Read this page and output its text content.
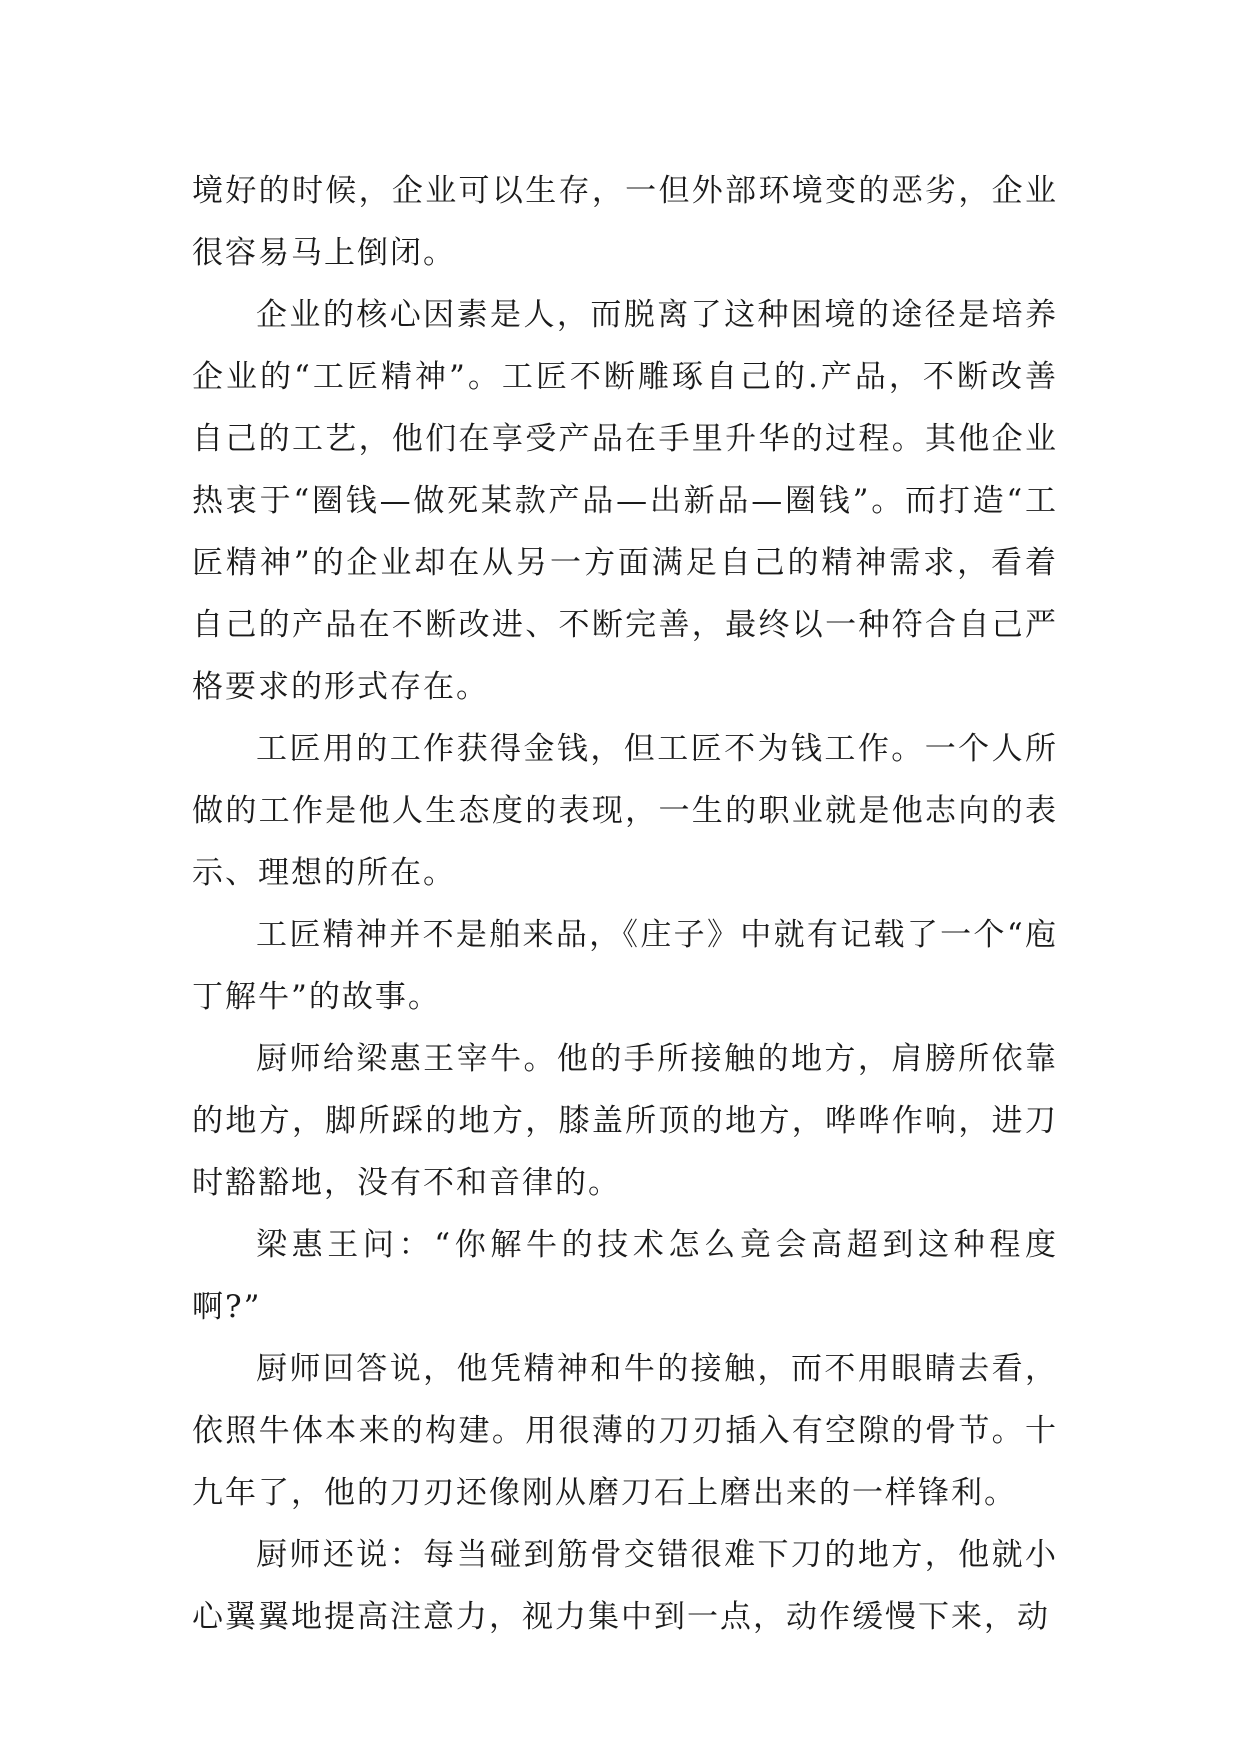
境好的时候，企业可以生存，一但外部环境变的恶劣，企业很容易马上倒闭。

企业的核心因素是人，而脱离了这种困境的途径是培养企业的“工匠精神”。工匠不断雕琢自己的.产品，不断改善自己的工艺，他们在享受产品在手里升华的过程。其他企业热衷于“圈钱—做死某款产品—出新品—圈钱”。而打造“工匠精神”的企业却在从另一方面满足自己的精神需求，看着自己的产品在不断改进、不断完善，最终以一种符合自己严格要求的形式存在。

工匠用的工作获得金钱，但工匠不为钱工作。一个人所做的工作是他人生态度的表现，一生的职业就是他志向的表示、理想的所在。

工匠精神并不是舶来品，《庄子》中就有记载了一个“庖丁解牛”的故事。

厨师给梁惠王宰牛。他的手所接触的地方，肩膀所依靠的地方，脚所踩的地方，膝盖所顶的地方，哗哗作响，进刀时豁豁地，没有不和音律的。

梁惠王问：“你解牛的技术怎么竟会高超到这种程度啊?”

厨师回答说，他凭精神和牛的接触，而不用眼睛去看，依照牛体本来的构建。用很薄的刀刃插入有空隙的骨节。十九年了，他的刀刃还像刚从磨刀石上磨出来的一样锋利。

厨师还说：每当碰到筋骨交错很难下刀的地方，他就小心翼翼地提高注意力，视力集中到一点，动作缓慢下来，动
